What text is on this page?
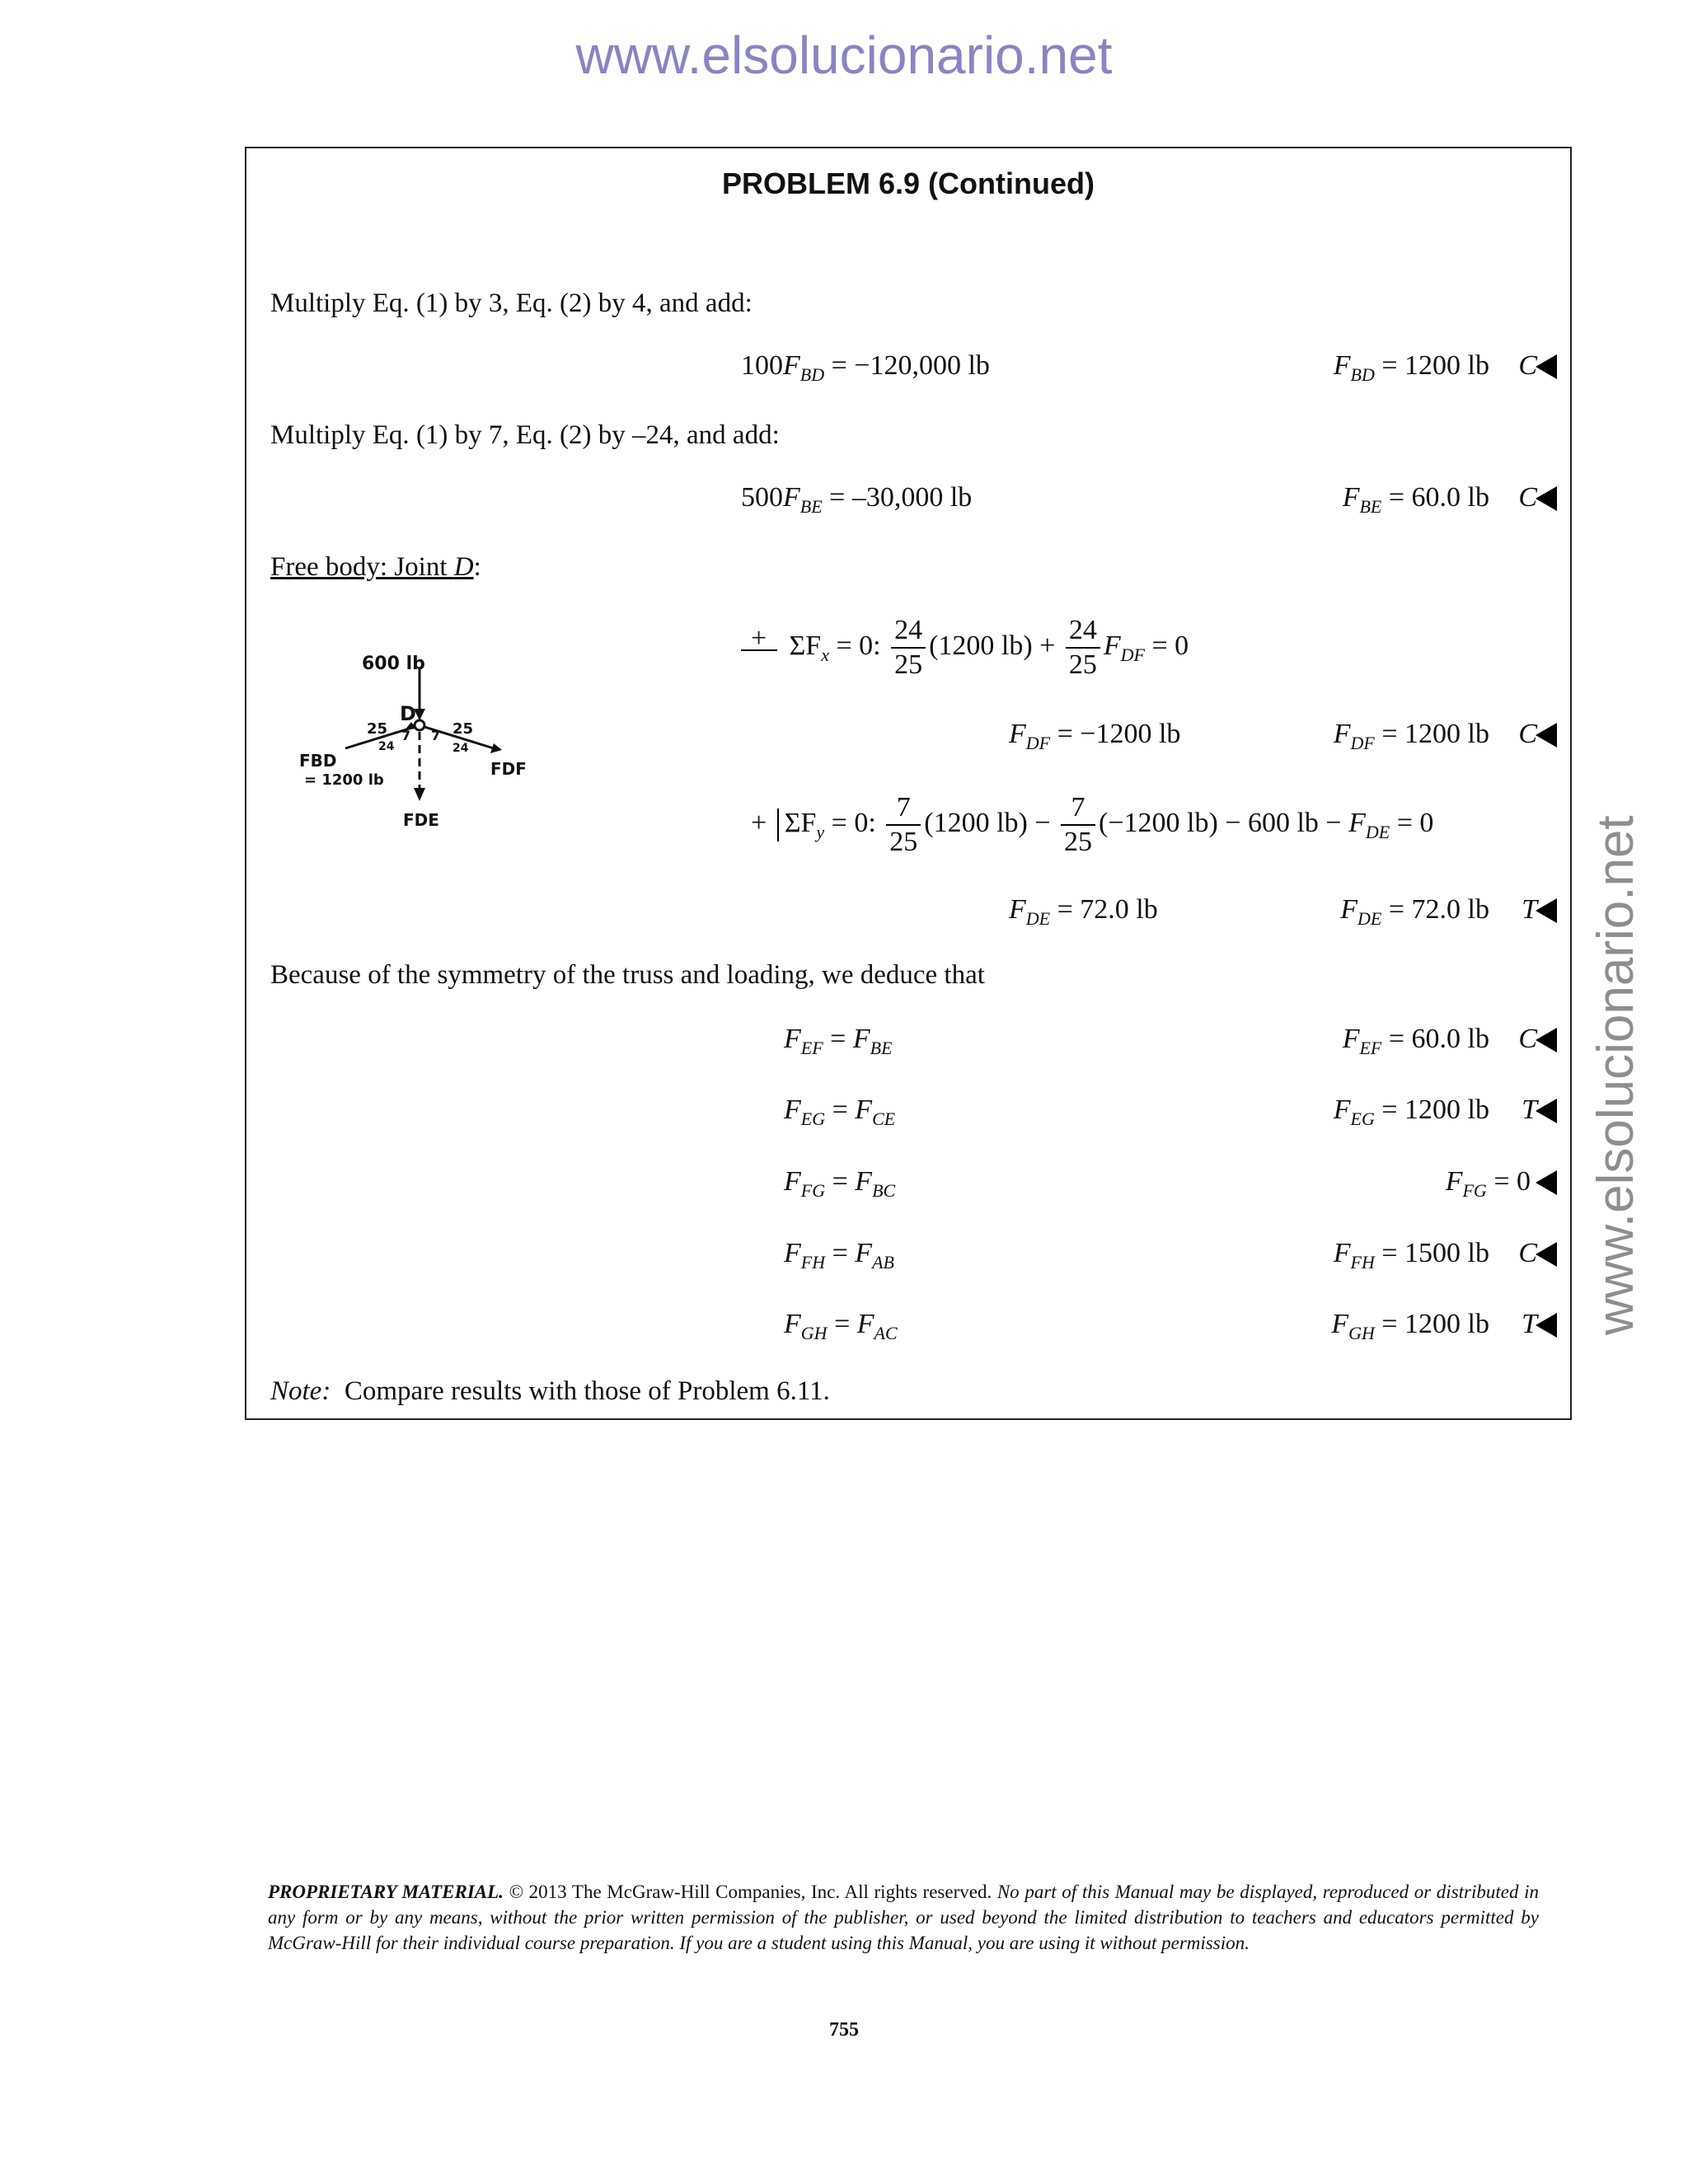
www.elsolucionario.net
www.elsolucionario.net
PROBLEM 6.9 (Continued)
Multiply Eq. (1) by 3, Eq. (2) by 4, and add:
$100F_{BD} = -120,000$ lb	$F_{BD} = 1200$ lb C
Multiply Eq. (1) by 7, Eq. (2) by –24, and add:
$500F_{BE} = -30,000$ lb	$F_{BE} = 60.0$ lb C
Free body: Joint D:
600 lb
D
25
24
7	25
24
7
FBD
= 1200 lb
FDF
FDE
+ $\Sigma F_x = 0$: $\frac{24}{25} (1200$ $lb) + \frac{24}{25} F_{DF} = 0$
$F_{DF} = -1200$ lb	$F_{DF} = 1200$ lb C
+ $\Sigma F_y = 0$: $\frac{7}{25} (1200$ $lb) - \frac{7}{25} (-1200$ lb) − 600 lb − $F_{DE} = 0$
$F_{DE} = 72.0$ lb	$F_{DE} = 72.0$ lb T
Because of the symmetry of the truss and loading, we deduce that
$F_{EF} = F_{BE}$	$F_{EF} = 60.0$ lb C
$F_{EG} = F_{CE}$	$F_{EG} = 1200$ lb T
$F_{FG} = F_{BC}$	$F_{FG} = 0$
$F_{FH} = F_{AB}$	$F_{FH} = 1500$ lb C
$F_{GH} = F_{AC}$	$F_{GH} = 1200$ lb T
Note: Compare results with those of Problem 6.11.
PROPRIETARY MATERIAL. © 2013 The McGraw-Hill Companies, Inc. All rights reserved. No part of this Manual may be displayed, reproduced or distributed in any form or by any means, without the prior written permission of the publisher, or used beyond the limited distribution to teachers and educators permitted by McGraw-Hill for their individual course preparation. If you are a student using this Manual, you are using it without permission.
755
